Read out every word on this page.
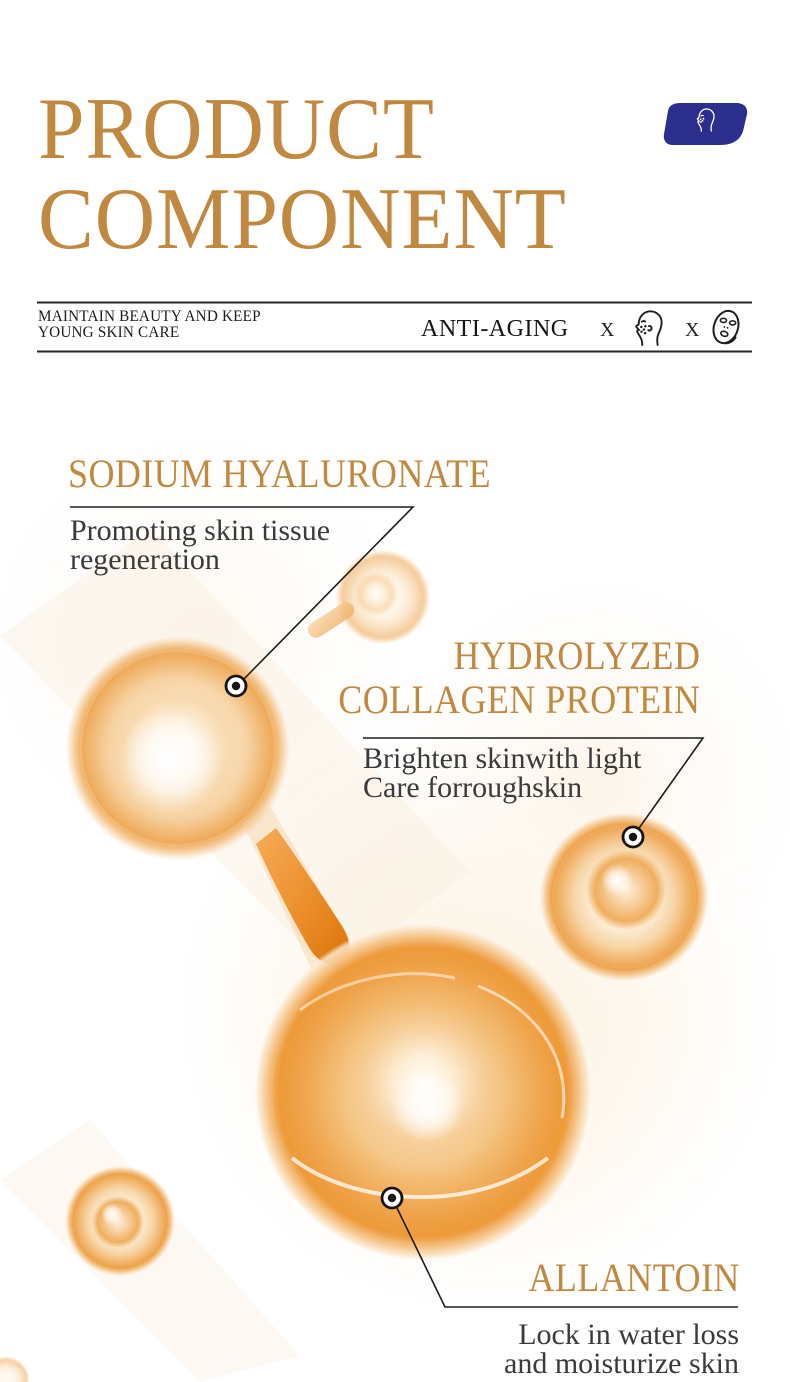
PRODUCT
COMPONENT
MAINTAIN BEAUTY AND KEEP
YOUNG SKIN CARE	ANTI-AGING X	X
SODIUM HYALURONATE
Promoting skin tissue
regeneration
HYDROLYZED
COLLAGEN PROTEIN
Brighten skinwith light
Care forroughskin
ALLANTOIN
Lock in water loss
and moisturize skin
